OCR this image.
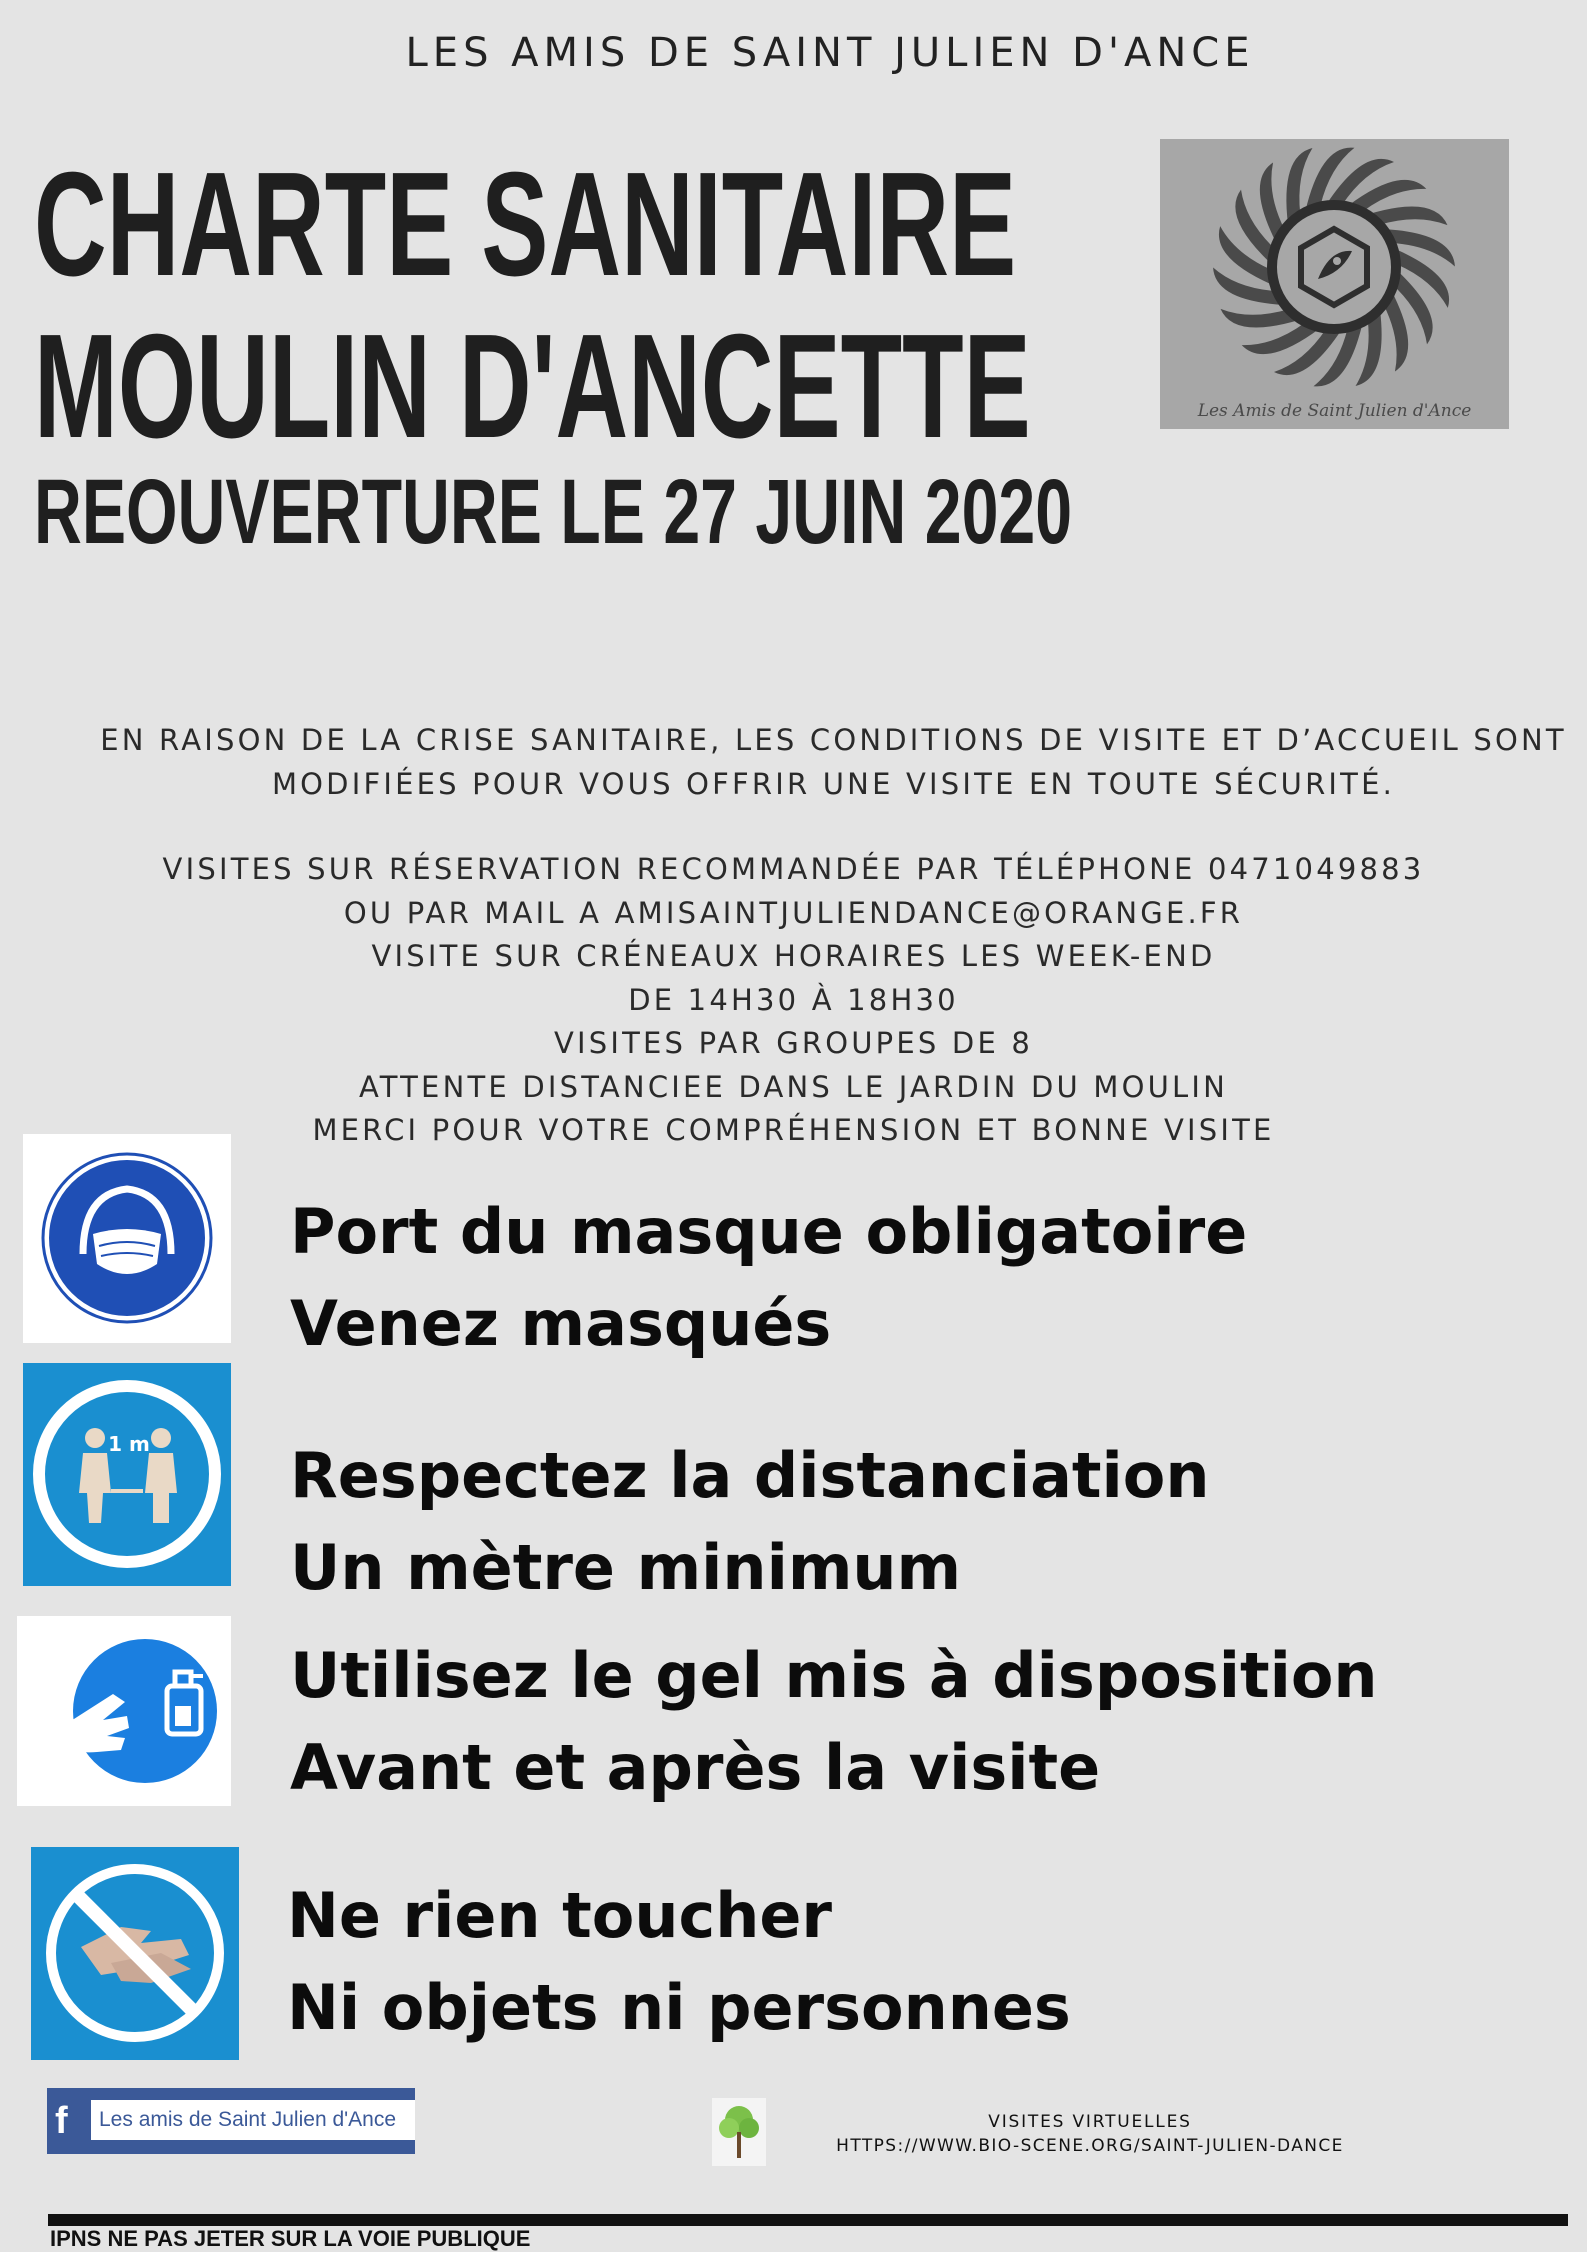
LES AMIS DE SAINT JULIEN D'ANCE
CHARTE SANITAIRE
MOULIN D'ANCETTE
REOUVERTURE LE 27 JUIN 2020
Les Amis de Saint Julien d'Ance
EN RAISON DE LA CRISE SANITAIRE, LES CONDITIONS DE VISITE ET D’ACCUEIL SONT
MODIFIÉES POUR VOUS OFFRIR UNE VISITE EN TOUTE SÉCURITÉ.
VISITES SUR RÉSERVATION RECOMMANDÉE PAR TÉLÉPHONE 0471049883
OU PAR MAIL A AMISAINTJULIENDANCE@ORANGE.FR
VISITE SUR CRÉNEAUX HORAIRES LES WEEK-END
DE 14H30 À 18H30
VISITES PAR GROUPES DE 8
ATTENTE DISTANCIEE DANS LE JARDIN DU MOULIN
MERCI POUR VOTRE COMPRÉHENSION ET BONNE VISITE
Port du masque obligatoire
Venez masqués
1 m Respectez la distanciation
Un mètre minimum
Utilisez le gel mis à disposition
Avant et après la visite
Ne rien toucher
Ni objets ni personnes
f	Les amis de Saint Julien d'Ance	VISITES VIRTUELLES
HTTPS://WWW.BIO-SCENE.ORG/SAINT-JULIEN-DANCE
IPNS NE PAS JETER SUR LA VOIE PUBLIQUE
